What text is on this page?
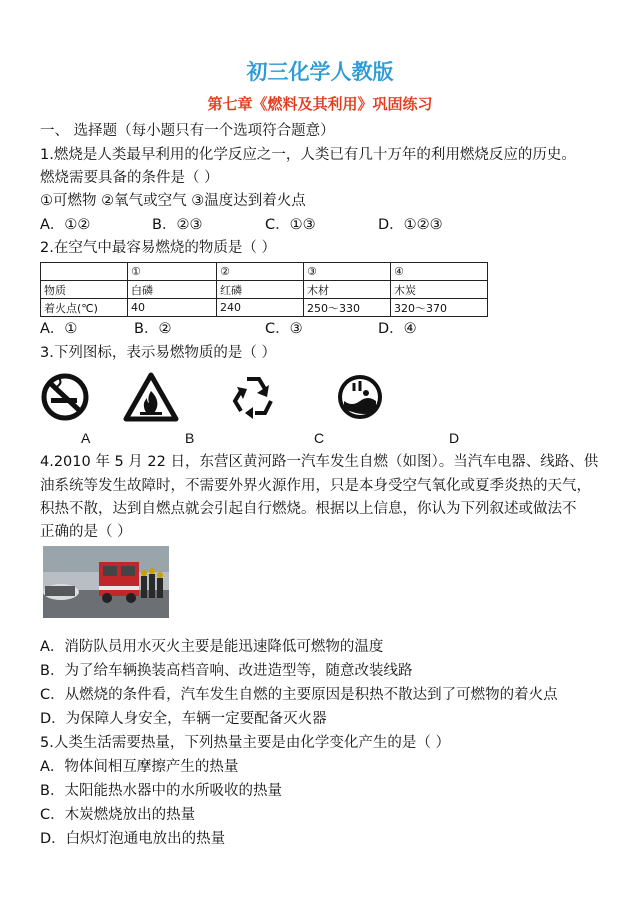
初三化学人教版
第七章《燃料及其利用》巩固练习
一、 选择题（每小题只有一个选项符合题意）
1.燃烧是人类最早利用的化学反应之一，人类已有几十万年的利用燃烧反应的历史。
燃烧需要具备的条件是（ ）
①可燃物 ②氧气或空气 ③温度达到着火点
A．①②	B．②③	C．①③	D．①②③
2.在空气中最容易燃烧的物质是（ ）
	①	②	③	④
物质	白磷	红磷	木材	木炭
着火点(℃)	40	240	250～330	320～370
A．①	B．②	C．③	D．④
3.下列图标，表示易燃物质的是（ ）
A	B	C	D
4.2010 年 5 月 22 日，东营区黄河路一汽车发生自燃（如图）。当汽车电器、线路、供
油系统等发生故障时，不需要外界火源作用，只是本身受空气氧化或夏季炎热的天气，
积热不散，达到自燃点就会引起自行燃烧。根据以上信息，你认为下列叙述或做法不
正确的是（ ）
A．消防队员用水灭火主要是能迅速降低可燃物的温度
B．为了给车辆换装高档音响、改进造型等，随意改装线路
C．从燃烧的条件看，汽车发生自燃的主要原因是积热不散达到了可燃物的着火点
D．为保障人身安全，车辆一定要配备灭火器
5.人类生活需要热量，下列热量主要是由化学变化产生的是（ ）
A．物体间相互摩擦产生的热量
B．太阳能热水器中的水所吸收的热量
C．木炭燃烧放出的热量
D．白炽灯泡通电放出的热量
